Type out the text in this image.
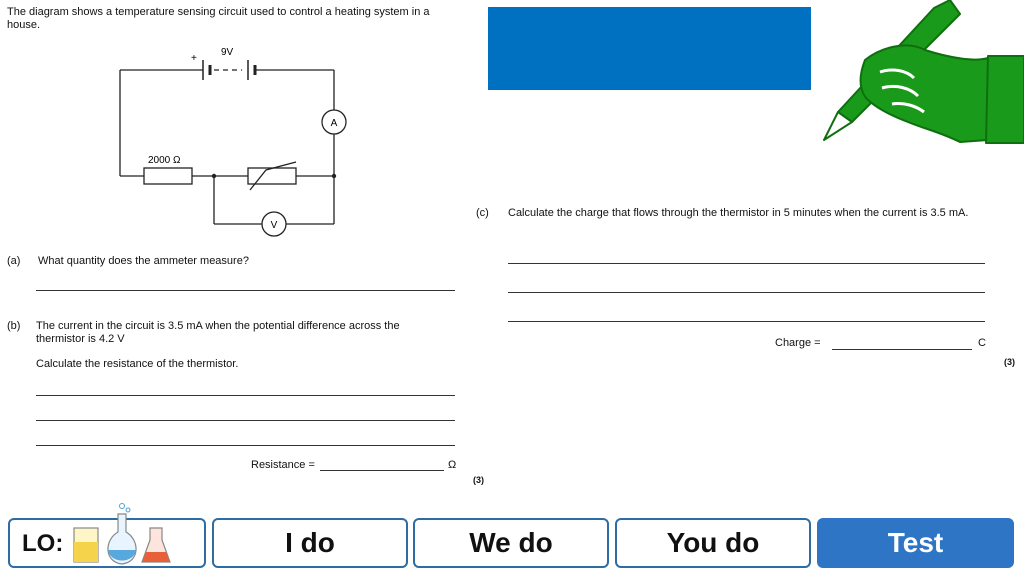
The diagram shows a temperature sensing circuit used to control a heating system in a house.
9V
+
2000 Ω
A
V
(a) What quantity does the ammeter measure?
(b) The current in the circuit is 3.5 mA when the potential difference across the thermistor is 4.2 V
Calculate the resistance of the thermistor.
Resistance =	Ω
(3)
(c) Calculate the charge that flows through the thermistor in 5 minutes when the current is 3.5 mA.
Charge =	C
(3)
LO:	I do	We do	You do	Test
